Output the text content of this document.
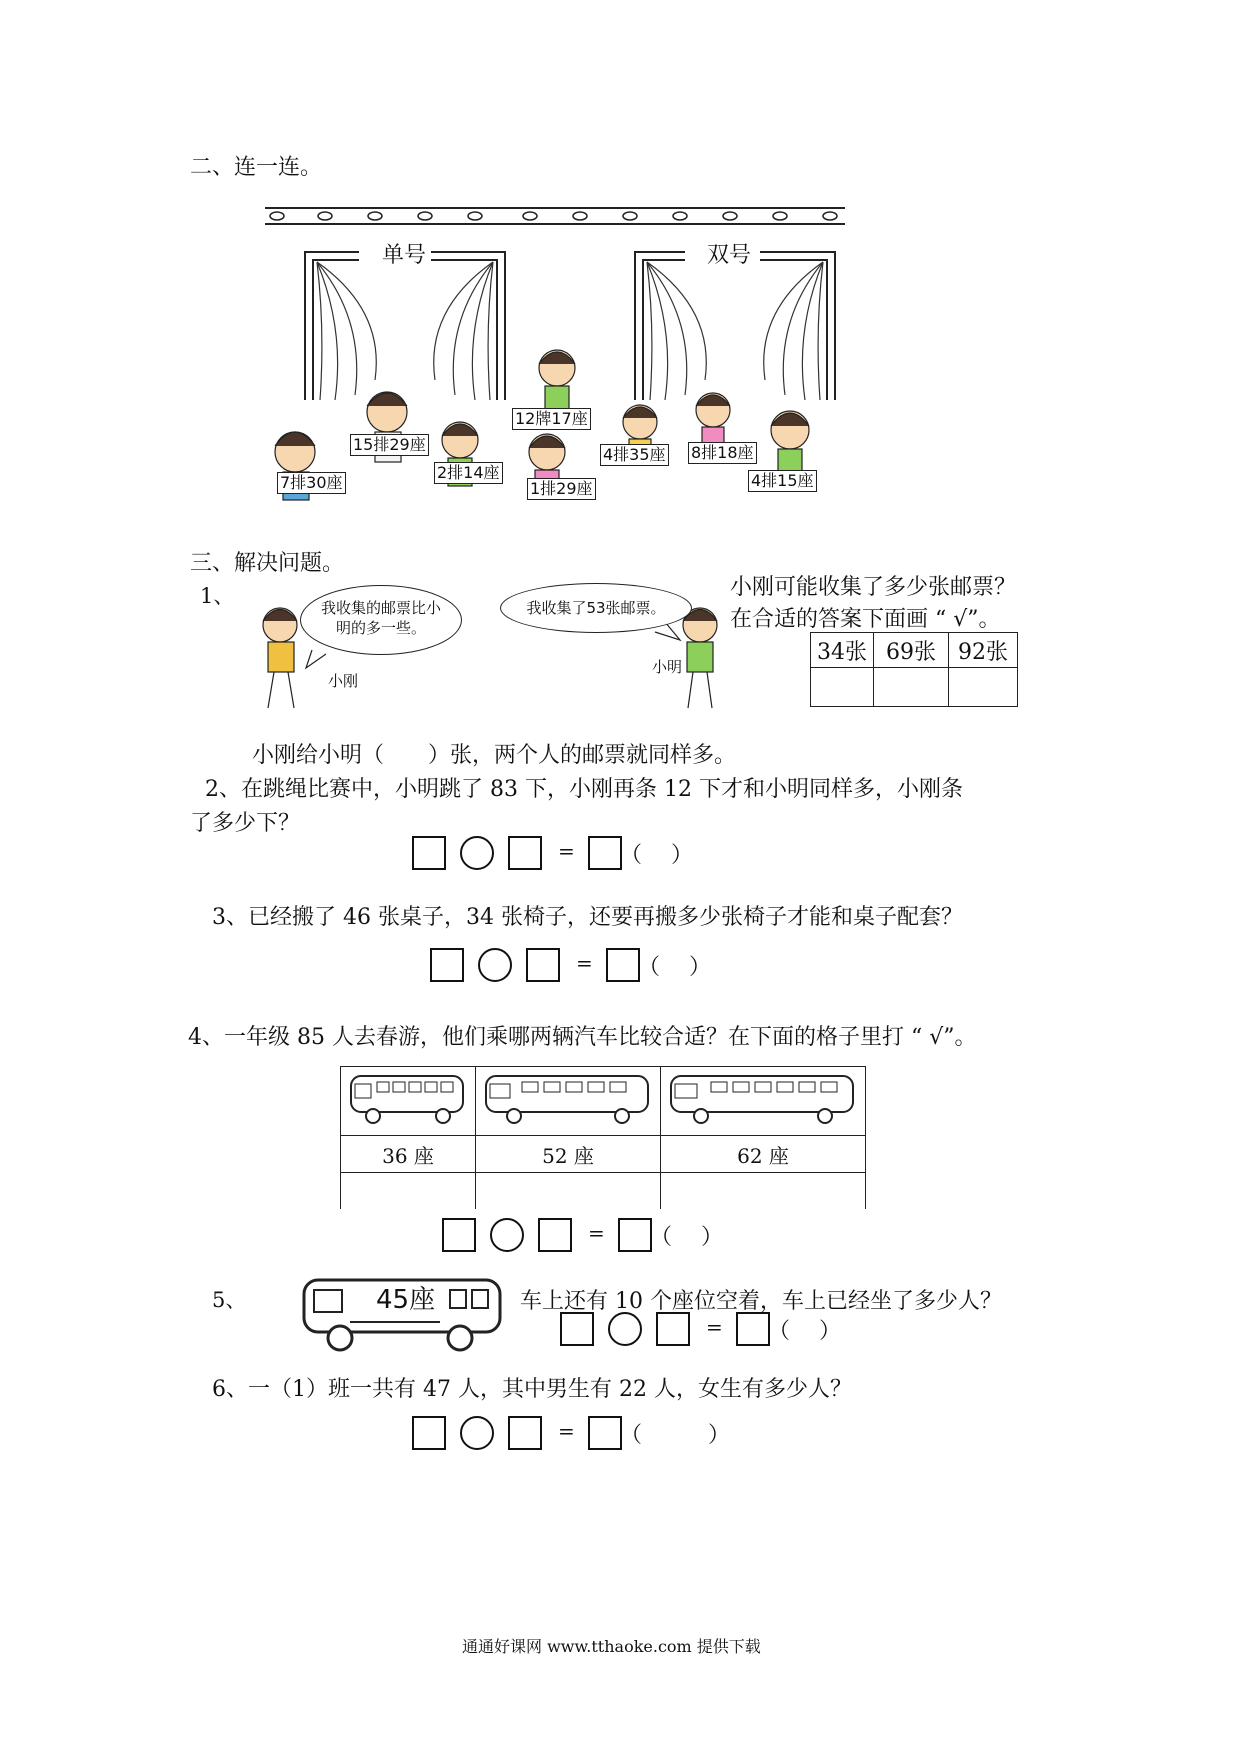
二、连一连。
单号	双号
7排30座
15排29座
2排14座
12牌17座
1排29座
4排35座 8排18座
4排15座
三、解决问题。
1、	我收集的邮票比小明的多一些。
我收集了53张邮票。
小刚
小明
小刚可能收集了多少张邮票？
在合适的答案下面画 “ √”。
34张	69张	92张

小刚给小明（　　）张，两个人的邮票就同样多。
2、在跳绳比赛中，小明跳了 83 下，小刚再条 12 下才和小明同样多，小刚条
了多少下？
= （　 ）
3、已经搬了 46 张桌子，34 张椅子，还要再搬多少张椅子才能和桌子配套？
= （　 ）
4、一年级 85 人去春游，他们乘哪两辆汽车比较合适？在下面的格子里打 “ √”。

36 座	52 座	62 座

= （　 ）
5、	45座	车上还有 10 个座位空着，车上已经坐了多少人？
= （　 ）
6、一（1）班一共有 47 人，其中男生有 22 人，女生有多少人？
= （　　　）
通通好课网 www.tthaoke.com 提供下载
